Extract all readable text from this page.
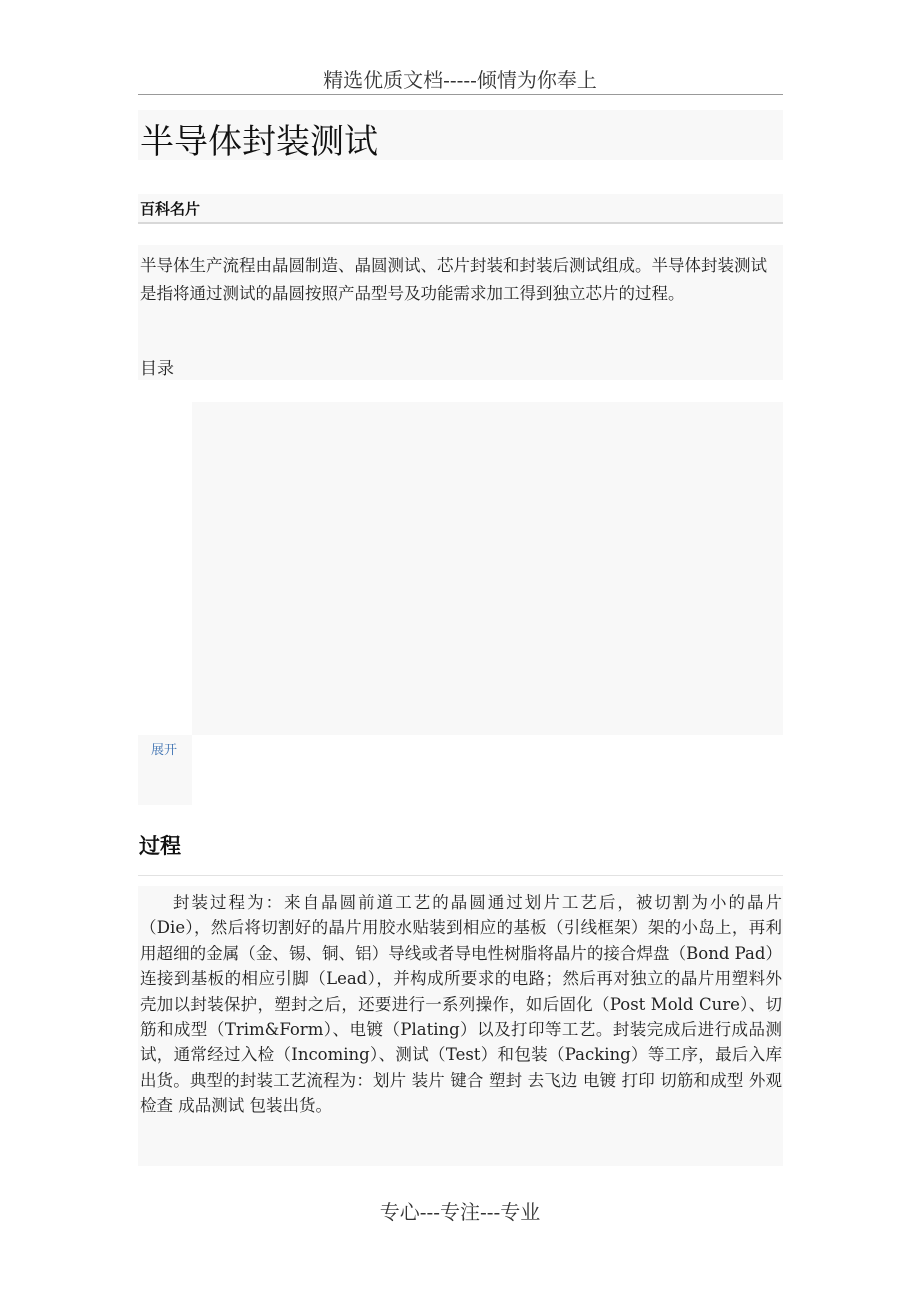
精选优质文档-----倾情为你奉上
半导体封装测试
百科名片

半导体生产流程由晶圆制造、晶圆测试、芯片封装和封装后测试组成。半导体封装测试是指将通过测试的晶圆按照产品型号及功能需求加工得到独立芯片的过程。

目录
展开
过程

封装过程为：来自晶圆前道工艺的晶圆通过划片工艺后，被切割为小的晶片（Die），然后将切割好的晶片用胶水贴装到相应的基板（引线框架）架的小岛上，再利用超细的金属（金、锡、铜、铝）导线或者导电性树脂将晶片的接合焊盘（Bond Pad）连接到基板的相应引脚（Lead），并构成所要求的电路；然后再对独立的晶片用塑料外壳加以封装保护，塑封之后，还要进行一系列操作，如后固化（Post Mold Cure）、切筋和成型（Trim&Form）、电镀（Plating）以及打印等工艺。封装完成后进行成品测试，通常经过入检（Incoming）、测试（Test）和包装（Packing）等工序，最后入库出货。典型的封装工艺流程为：划片 装片 键合 塑封 去飞边 电镀 打印 切筋和成型 外观检查 成品测试 包装出货。

专心---专注---专业
